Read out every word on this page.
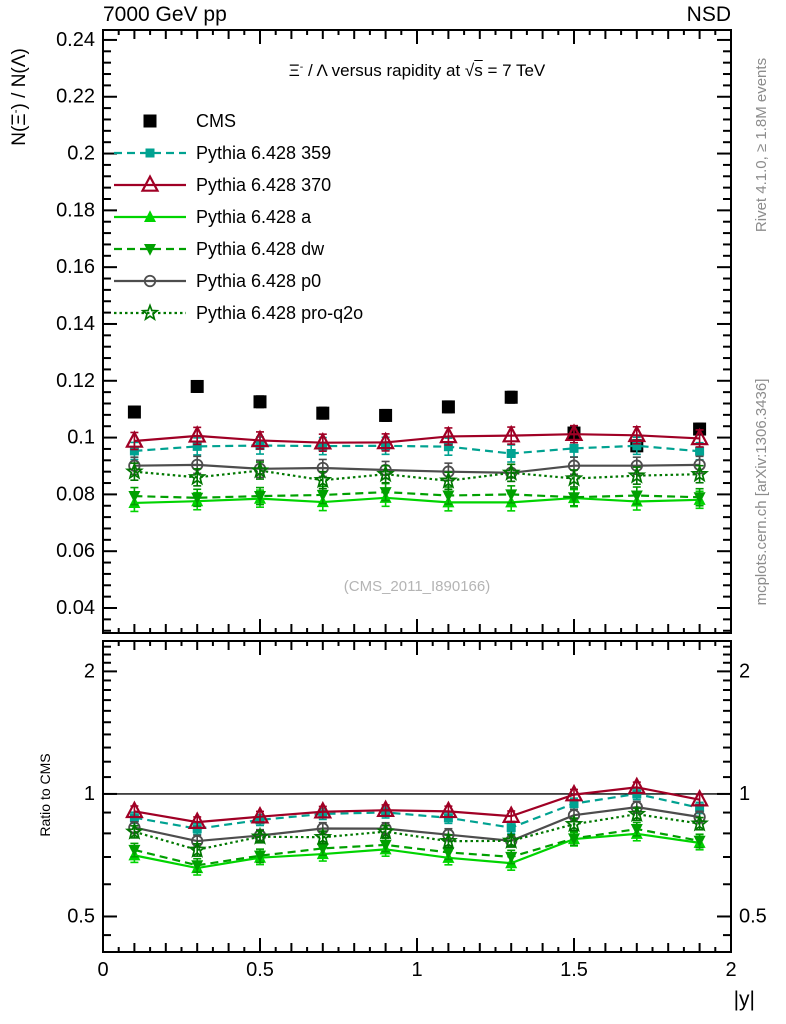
7000 GeV pp	NSD
0.04
0.06
0.08
0.1
0.12
0.14
0.16
0.18
0.2
0.22
0.24
0.5	0.5
1	1
2	2
0	0.5	1	1.5	2
Ξ- / Λ versus rapidity at √s = 7 TeV
CMS
Pythia 6.428 359
Pythia 6.428 370
Pythia 6.428 a
Pythia 6.428 dw
Pythia 6.428 p0
Pythia 6.428 pro-q2o
(CMS_2011_I890166)
N(Ξ-) / N(Λ)
Ratio to CMS
Rivet 4.1.0, ≥ 1.8M events
mcplots.cern.ch [arXiv:1306.3436]
|y|
